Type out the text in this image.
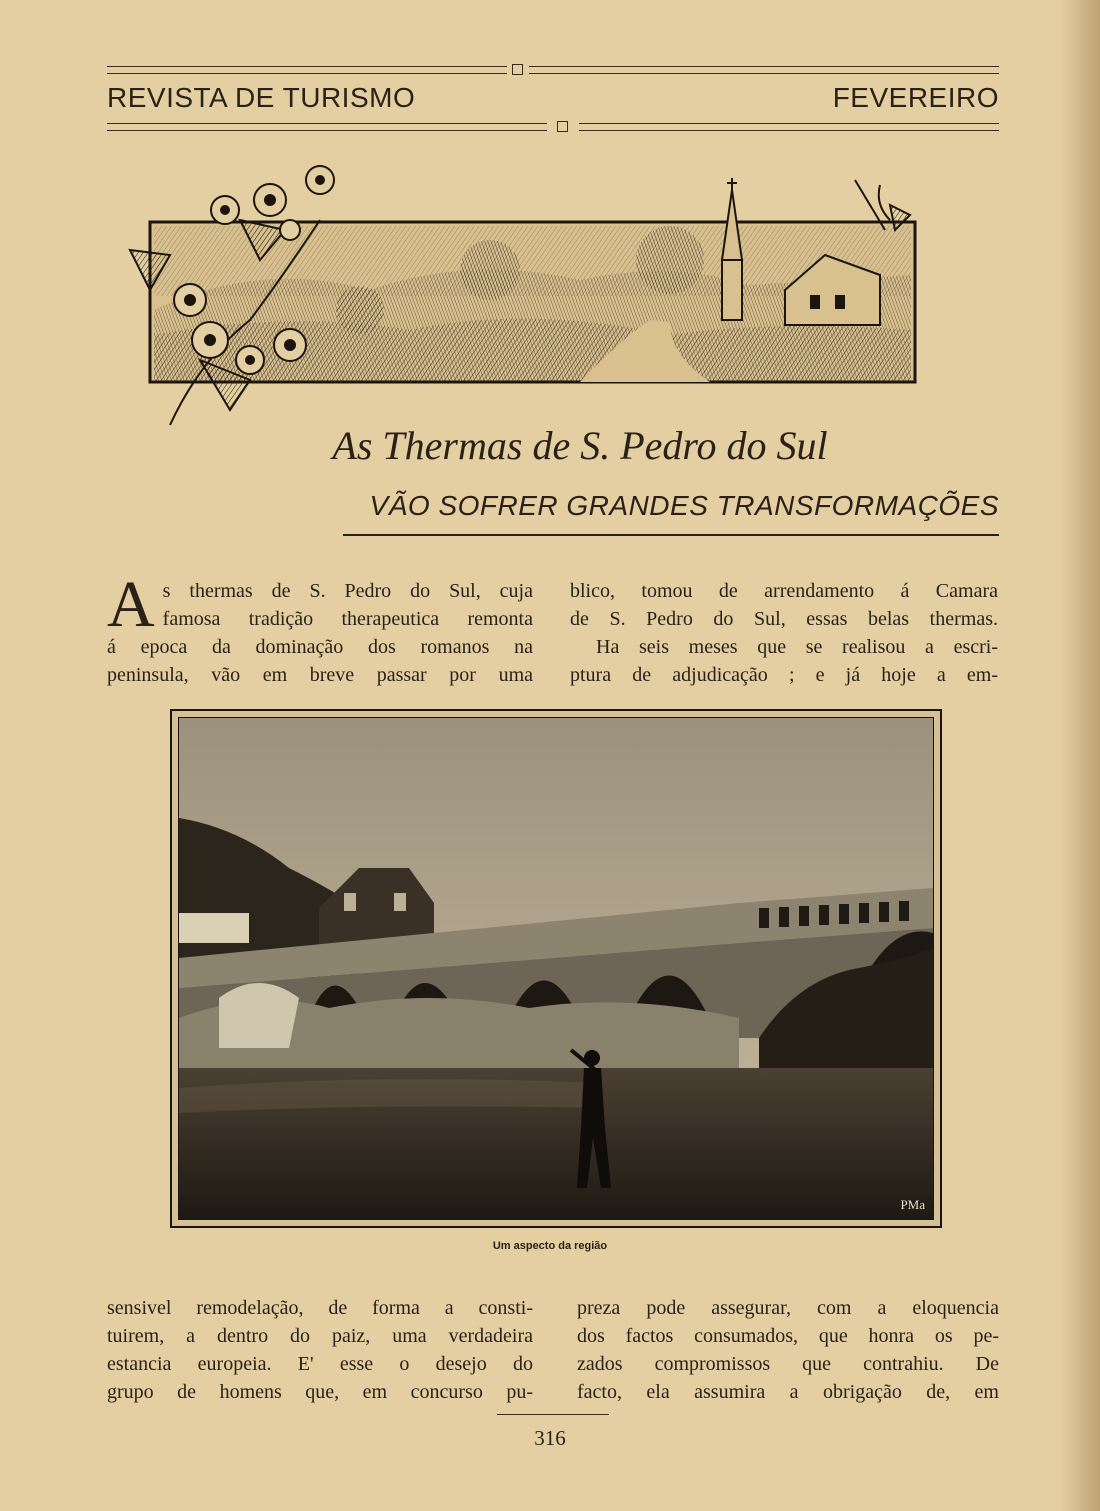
REVISTA DE TURISMO	FEVEREIRO
As Thermas de S. Pedro do Sul
VÃO SOFRER GRANDES TRANSFORMAÇÕES
A s thermas de S. Pedro do Sul, cuja
famosa tradição therapeutica remonta
á epoca da dominação dos romanos na
peninsula, vão em breve passar por uma
blico, tomou de arrendamento á Camara
de S. Pedro do Sul, essas belas thermas.
Ha seis meses que se realisou a escri-
ptura de adjudicação ; e já hoje a em-
PMa
Um aspecto da região
sensivel remodelação, de forma a consti-
tuirem, a dentro do paiz, uma verdadeira
estancia europeia. E' esse o desejo do
grupo de homens que, em concurso pu-
preza pode assegurar, com a eloquencia
dos factos consumados, que honra os pe-
zados compromissos que contrahiu. De
facto, ela assumira a obrigação de, em
316
